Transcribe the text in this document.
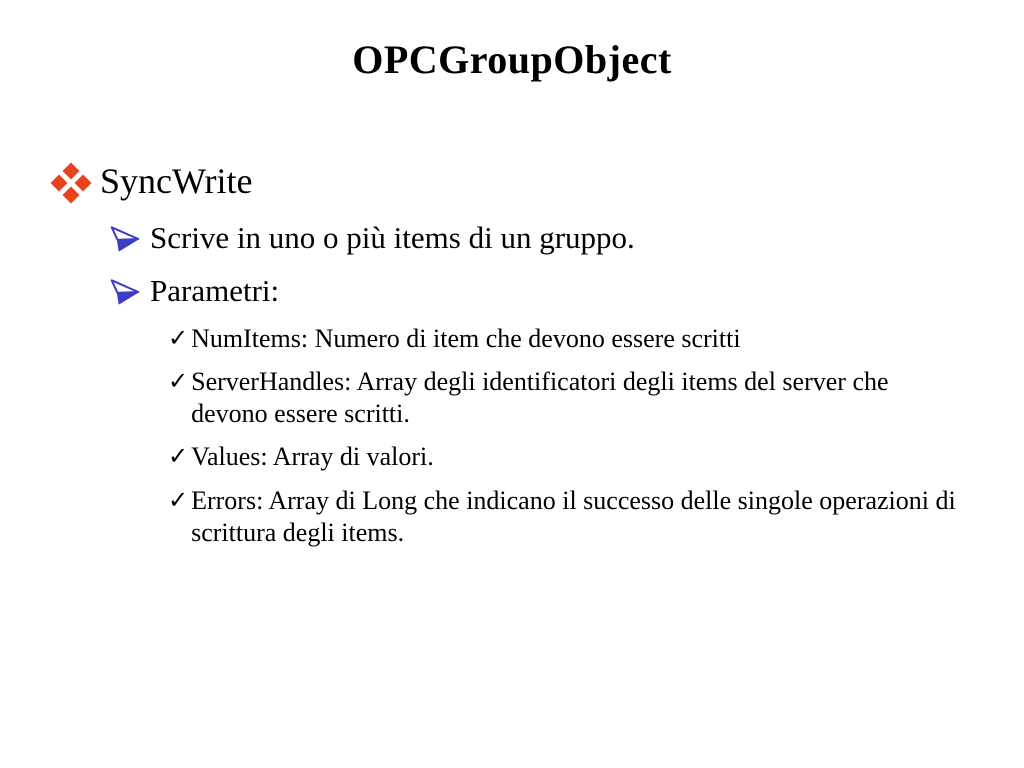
OPCGroupObject
SyncWrite
Scrive in uno o più items di un gruppo.
Parametri:
✓ NumItems: Numero di item che devono essere scritti
✓ ServerHandles: Array degli identificatori degli items del server che devono essere scritti.
✓ Values: Array di valori.
✓ Errors: Array di Long che indicano il successo delle singole operazioni di scrittura degli items.
